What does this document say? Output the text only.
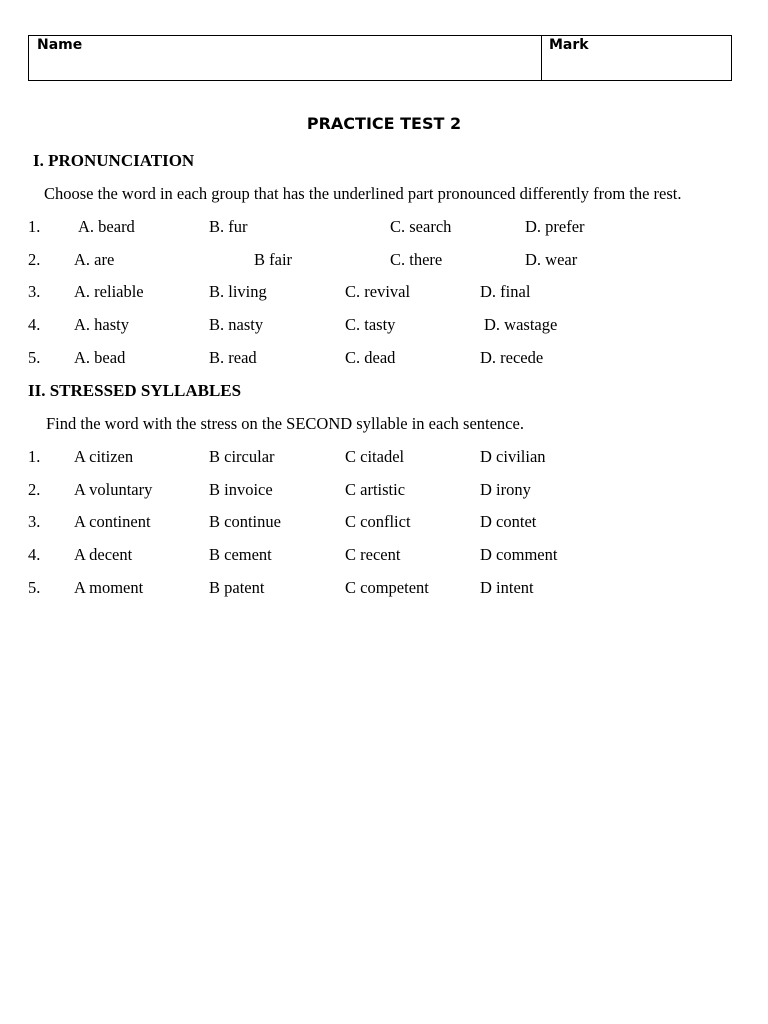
Name	Mark
PRACTICE TEST 2
I. PRONUNCIATION
Choose the word in each group that has the underlined part pronounced differently from the rest.
1. A. beard	B. fur	C. search	D. prefer
2. A. are	B fair	C. there	D. wear
3. A. reliable	B. living	C. revival	D. final
4. A. hasty	B. nasty	C. tasty	D. wastage
5. A. bead	B. read	C. dead	D. recede
II. STRESSED SYLLABLES
Find the word with the stress on the SECOND syllable in each sentence.
1. A citizen	B circular	C citadel	D civilian
2. A voluntary	B invoice	C artistic	D irony
3. A continent	B continue	C conflict	D contet
4. A decent	B cement	C recent	D comment
5. A moment	B patent	C competent	D intent
